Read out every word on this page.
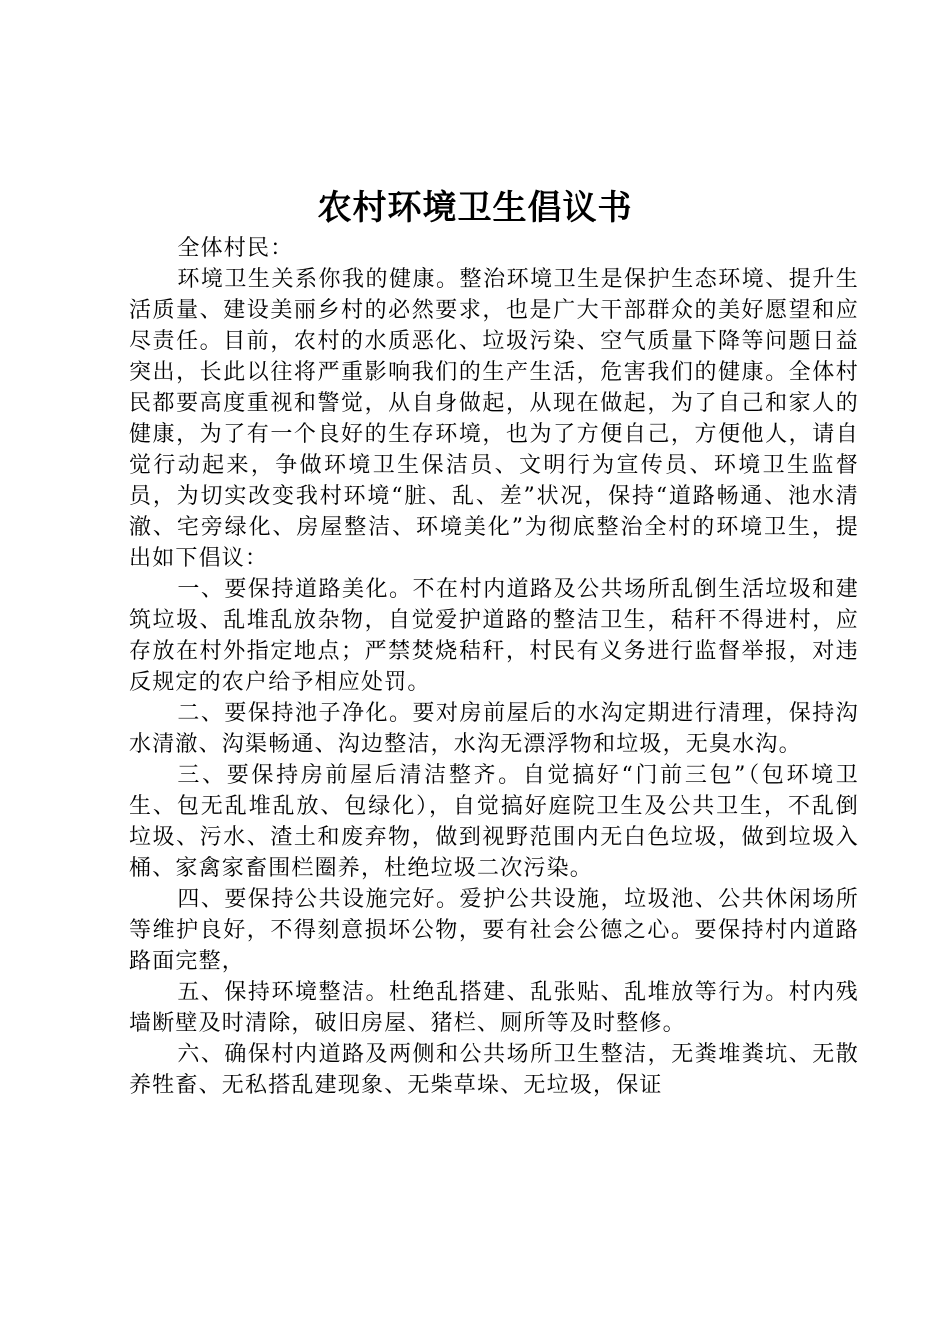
农村环境卫生倡议书

全体村民：

环境卫生关系你我的健康。整治环境卫生是保护生态环境、提升生活质量、建设美丽乡村的必然要求，也是广大干部群众的美好愿望和应尽责任。目前，农村的水质恶化、垃圾污染、空气质量下降等问题日益突出，长此以往将严重影响我们的生产生活，危害我们的健康。全体村民都要高度重视和警觉，从自身做起，从现在做起，为了自己和家人的健康，为了有一个良好的生存环境，也为了方便自己，方便他人，请自觉行动起来，争做环境卫生保洁员、文明行为宣传员、环境卫生监督员，为切实改变我村环境“脏、乱、差”状况，保持“道路畅通、池水清澈、宅旁绿化、房屋整洁、环境美化”为彻底整治全村的环境卫生，提出如下倡议：

一、要保持道路美化。不在村内道路及公共场所乱倒生活垃圾和建筑垃圾、乱堆乱放杂物，自觉爱护道路的整洁卫生，秸秆不得进村，应存放在村外指定地点；严禁焚烧秸秆，村民有义务进行监督举报，对违反规定的农户给予相应处罚。

二、要保持池子净化。要对房前屋后的水沟定期进行清理，保持沟水清澈、沟渠畅通、沟边整洁，水沟无漂浮物和垃圾，无臭水沟。

三、要保持房前屋后清洁整齐。自觉搞好“门前三包”（包环境卫生、包无乱堆乱放、包绿化），自觉搞好庭院卫生及公共卫生，不乱倒垃圾、污水、渣土和废弃物，做到视野范围内无白色垃圾，做到垃圾入桶、家禽家畜围栏圈养，杜绝垃圾二次污染。

四、要保持公共设施完好。爱护公共设施，垃圾池、公共休闲场所等维护良好，不得刻意损坏公物，要有社会公德之心。要保持村内道路路面完整，

五、保持环境整洁。杜绝乱搭建、乱张贴、乱堆放等行为。村内残墙断壁及时清除，破旧房屋、猪栏、厕所等及时整修。

六、确保村内道路及两侧和公共场所卫生整洁，无粪堆粪坑、无散养牲畜、无私搭乱建现象、无柴草垛、无垃圾，保证
